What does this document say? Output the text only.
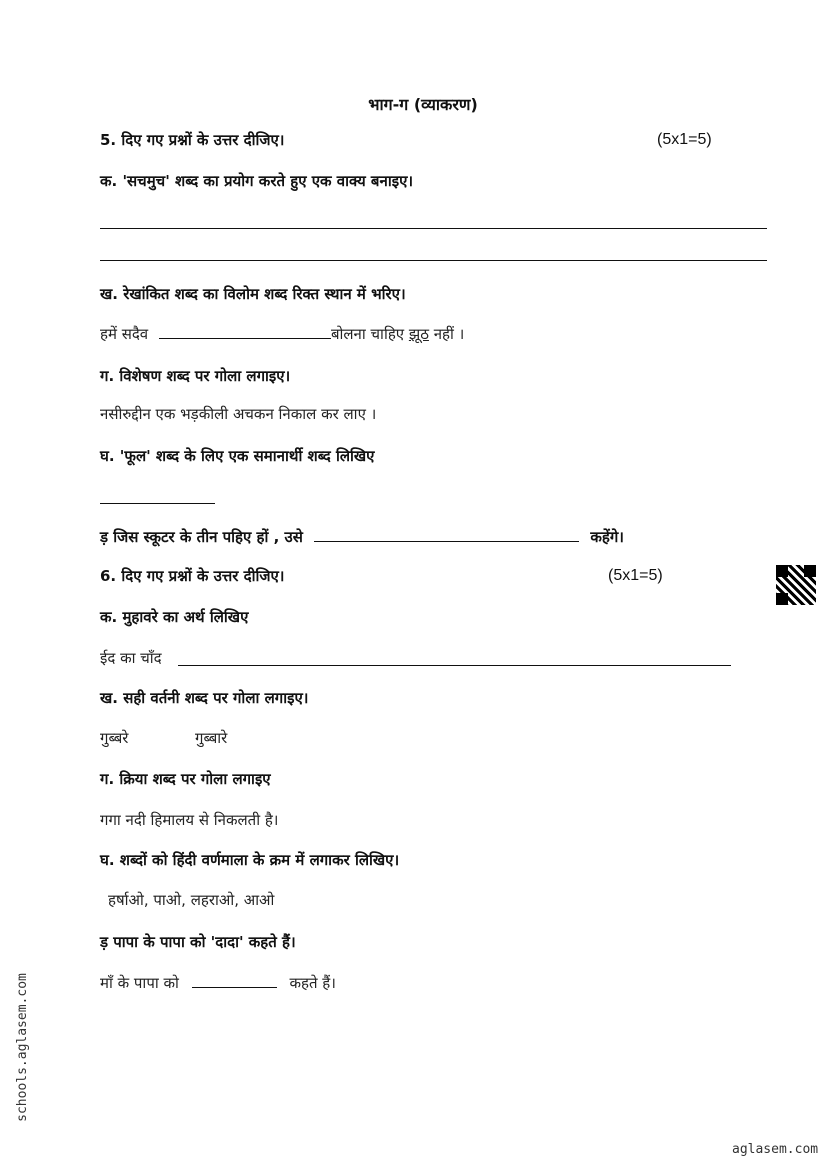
भाग-ग (व्याकरण)
5. दिए गए प्रश्नों के उत्तर दीजिए।	(5x1=5)
क. 'सचमुच' शब्द का प्रयोग करते हुए एक वाक्य बनाइए।
ख. रेखांकित शब्द का विलोम शब्द रिक्त स्थान में भरिए।
हमें सदैव	बोलना चाहिए झूठ नहीं ।
ग. विशेषण शब्द पर गोला लगाइए।
नसीरुद्दीन एक भड़कीली अचकन निकाल कर लाए ।
घ. 'फूल' शब्द के लिए एक समानार्थी शब्द लिखिए
ड़ जिस स्कूटर के तीन पहिए हों , उसे	कहेंगे।
6. दिए गए प्रश्नों के उत्तर दीजिए।	(5x1=5)
क. मुहावरे का अर्थ लिखिए
ईद का चाँद
ख. सही वर्तनी शब्द पर गोला लगाइए।
गुब्बरे	गुब्बारे
ग. क्रिया शब्द पर गोला लगाइए
गगा नदी हिमालय से निकलती है।
घ. शब्दों को हिंदी वर्णमाला के क्रम में लगाकर लिखिए।
हर्षाओ, पाओ, लहराओ, आओ
ड़ पापा के पापा को 'दादा' कहते हैं।
माँ के पापा को	कहते हैं।
schools.aglasem.com
aglasem.com
